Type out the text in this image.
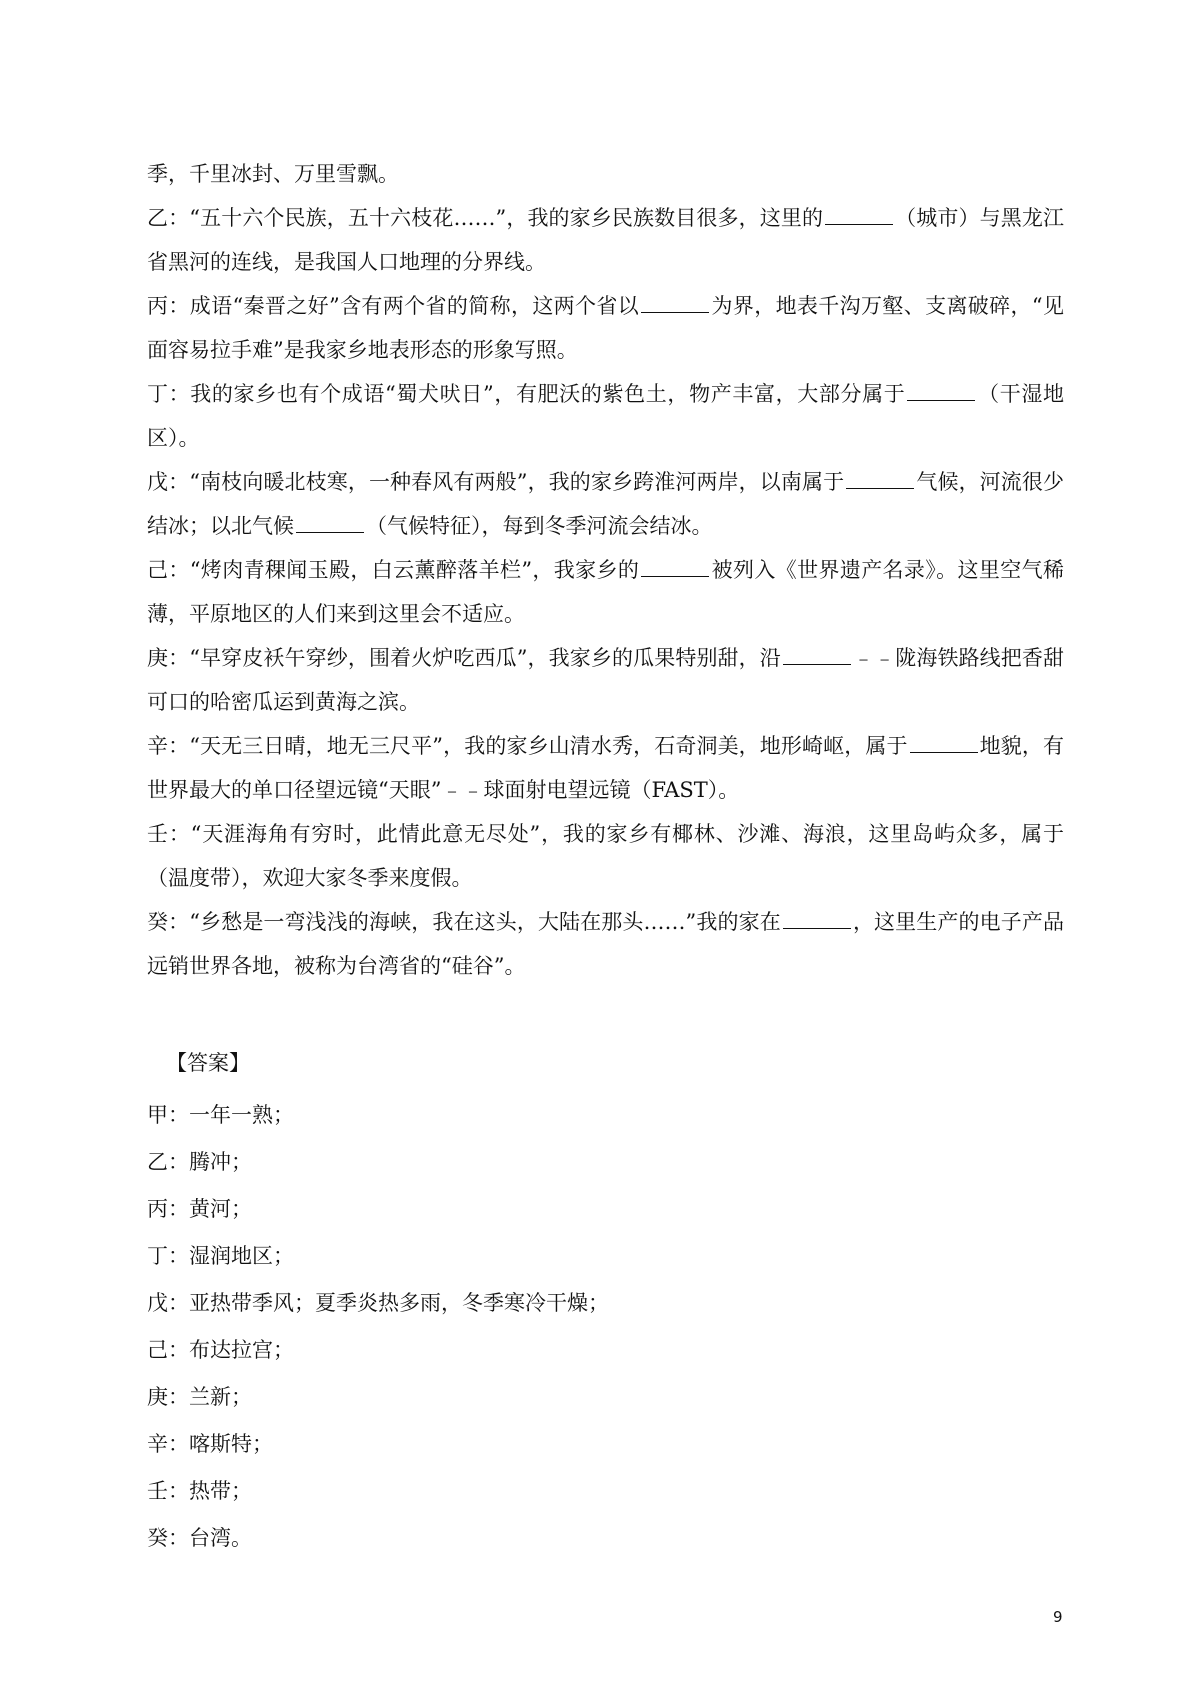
季，千里冰封、万里雪飘。

乙：“五十六个民族，五十六枝花……”，我的家乡民族数目很多，这里的	（城市）与黑龙江省黑河的连线，是我国人口地理的分界线。

丙：成语“秦晋之好”含有两个省的简称，这两个省以	为界，地表千沟万壑、支离破碎，“见面容易拉手难”是我家乡地表形态的形象写照。

丁：我的家乡也有个成语“蜀犬吠日”，有肥沃的紫色土，物产丰富，大部分属于	（干湿地区）。

戊：“南枝向暖北枝寒，一种春风有两般”，我的家乡跨淮河两岸，以南属于	气候，河流很少结冰；以北气候	（气候特征），每到冬季河流会结冰。

己：“烤肉青稞闻玉殿，白云薰醉落羊栏”，我家乡的	被列入《世界遗产名录》。这里空气稀薄，平原地区的人们来到这里会不适应。

庚：“早穿皮袄午穿纱，围着火炉吃西瓜”，我家乡的瓜果特别甜，沿	﹣﹣陇海铁路线把香甜可口的哈密瓜运到黄海之滨。

辛：“天无三日晴，地无三尺平”，我的家乡山清水秀，石奇洞美，地形崎岖，属于	地貌，有世界最大的单口径望远镜“天眼”﹣﹣球面射电望远镜（FAST）。

壬：“天涯海角有穷时，此情此意无尽处”，我的家乡有椰林、沙滩、海浪，这里岛屿众多，属于（温度带），欢迎大家冬季来度假。

癸：“乡愁是一弯浅浅的海峡，我在这头，大陆在那头……”我的家在	，这里生产的电子产品远销世界各地，被称为台湾省的“硅谷”。

【答案】
甲：一年一熟；
乙：腾冲；
丙：黄河；
丁：湿润地区；
戊：亚热带季风；夏季炎热多雨，冬季寒冷干燥；
己：布达拉宫；
庚：兰新；
辛：喀斯特；
壬：热带；
癸：台湾。
9
